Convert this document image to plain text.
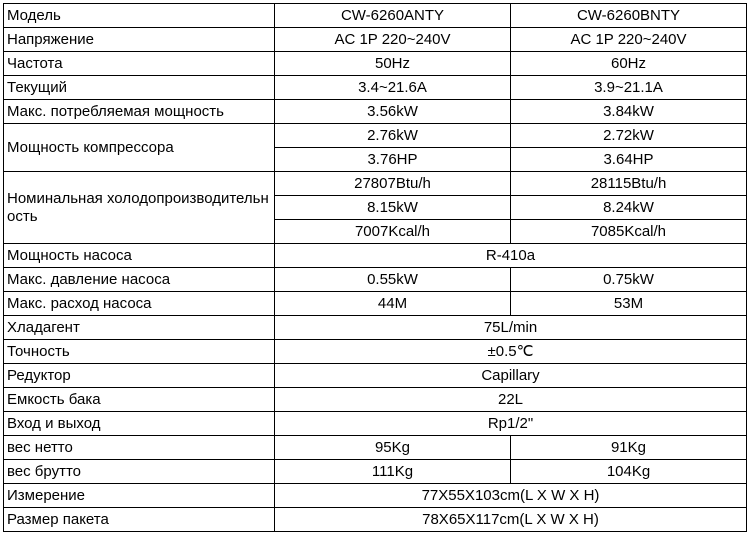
Модель	CW-6260ANTY	CW-6260BNTY
Напряжение	AC 1P 220~240V	AC 1P 220~240V
Частота	50Hz	60Hz
Текущий	3.4~21.6A	3.9~21.1A
Макс. потребляемая мощность	3.56kW	3.84kW
Мощность компрессора	2.76kW	2.72kW
	3.76HP	3.64HP
Номинальная холодопроизводительность	27807Btu/h	28115Btu/h
	8.15kW	8.24kW
	7007Kcal/h	7085Kcal/h
Мощность насоса	R-410a	
Макс. давление насоса	0.55kW	0.75kW
Макс. расход насоса	44M	53M
Хладагент	75L/min	
Точность	±0.5℃	
Редуктор	Capillary	
Емкость бака	22L	
Вход и выход	Rp1/2"	
вес нетто	95Kg	91Kg
вес брутто	111Kg	104Kg
Измерение	77X55X103cm(L X W X H)	
Размер пакета	78X65X117cm(L X W X H)	
